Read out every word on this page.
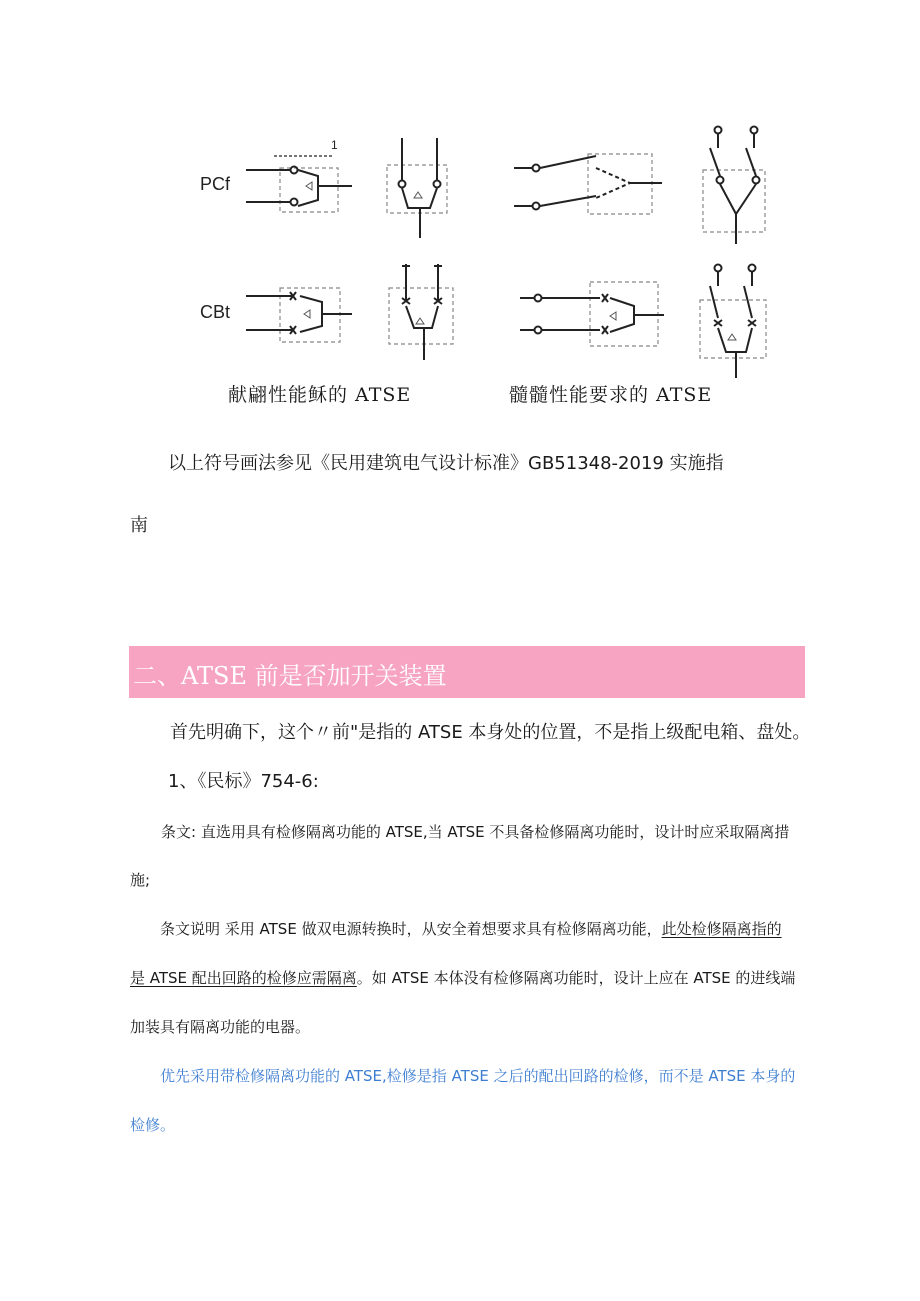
1
PCf
CBt
献翩性能稣的 ATSE	髓髓性能要求的 ATSE
以上符号画法参见《民用建筑电气设计标准》GB51348-2019 实施指
南
二、ATSE 前是否加开关装置
首先明确下，这个〃前"是指的 ATSE 本身处的位置，不是指上级配电箱、盘处。
1、《民标》754-6:
条文: 直选用具有检修隔离功能的 ATSE,当 ATSE 不具备检修隔离功能时，设计时应采取隔离措
施;
条文说明 采用 ATSE 做双电源转换时，从安全着想要求具有检修隔离功能，此处检修隔离指的
是 ATSE 配出回路的检修应需隔离。如 ATSE 本体没有检修隔离功能时，设计上应在 ATSE 的进线端
加装具有隔离功能的电器。
优先采用带检修隔离功能的 ATSE,检修是指 ATSE 之后的配出回路的检修，而不是 ATSE 本身的
检修。
